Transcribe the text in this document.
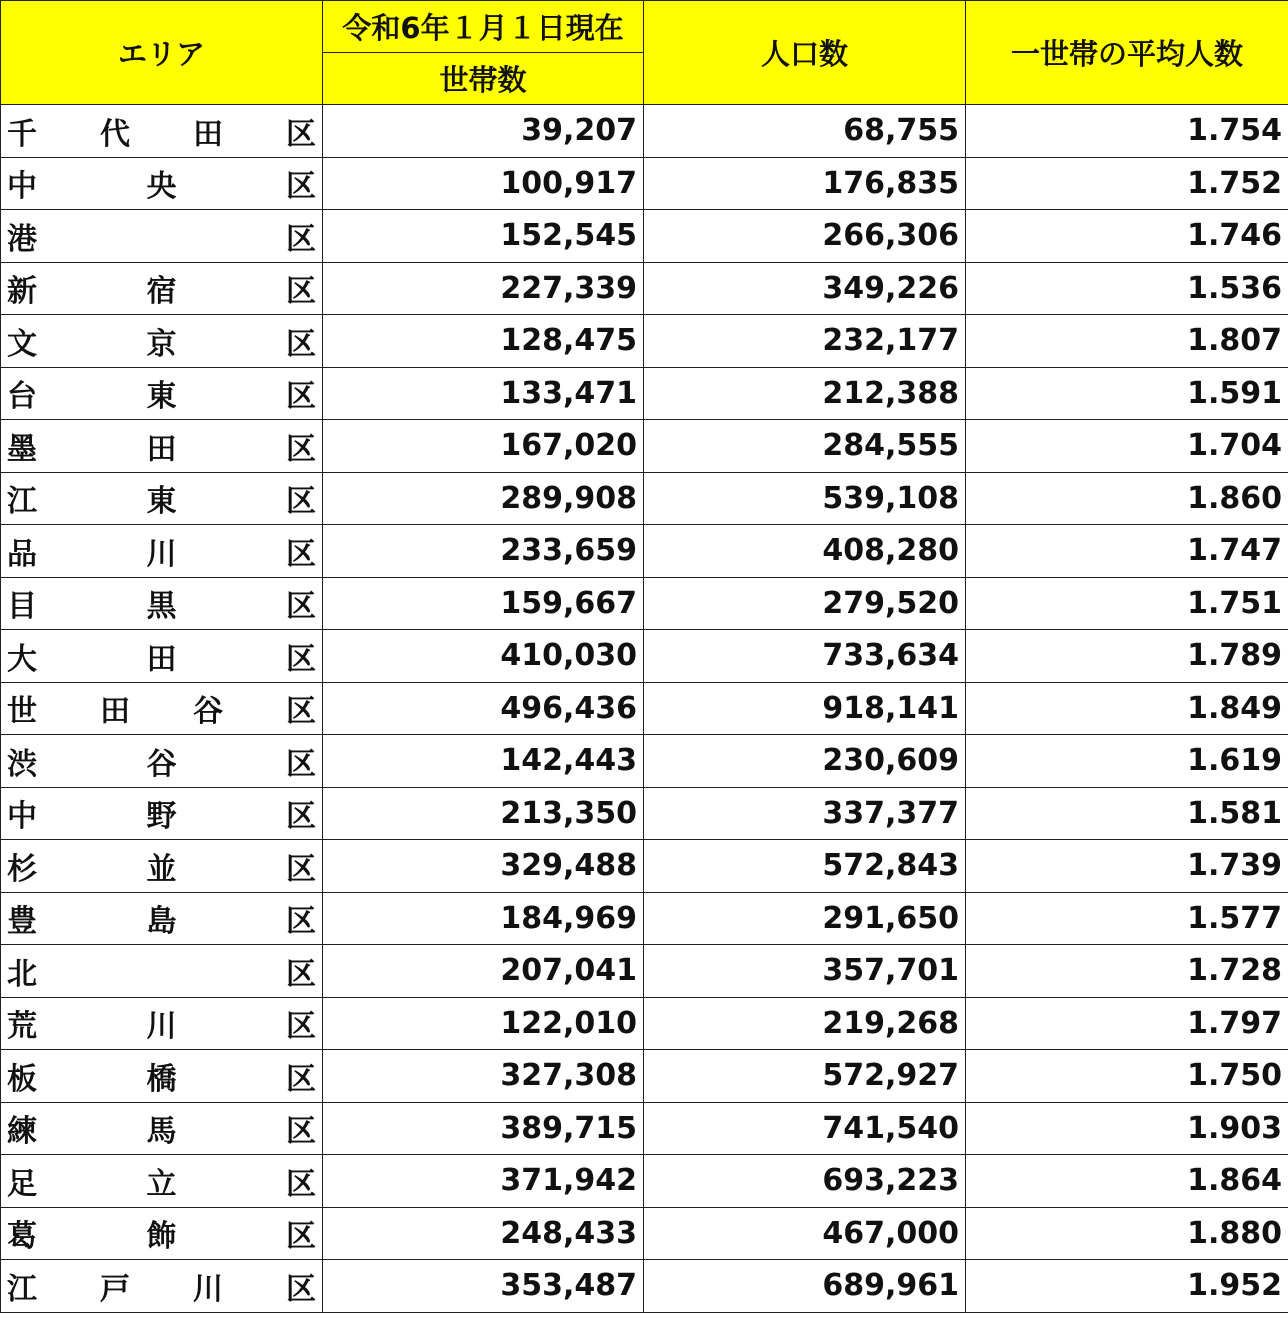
エリア	令和6年１月１日現在	人口数	一世帯の平均人数
	世帯数		

千 代 田 区	39,207	68,755	1.754

中 央 区	100,917	176,835	1.752

港 区	152,545	266,306	1.746

新 宿 区	227,339	349,226	1.536

文 京 区	128,475	232,177	1.807

台 東 区	133,471	212,388	1.591

墨 田 区	167,020	284,555	1.704

江 東 区	289,908	539,108	1.860

品 川 区	233,659	408,280	1.747

目 黒 区	159,667	279,520	1.751

大 田 区	410,030	733,634	1.789

世 田 谷 区	496,436	918,141	1.849

渋 谷 区	142,443	230,609	1.619

中 野 区	213,350	337,377	1.581

杉 並 区	329,488	572,843	1.739

豊 島 区	184,969	291,650	1.577

北 区	207,041	357,701	1.728

荒 川 区	122,010	219,268	1.797

板 橋 区	327,308	572,927	1.750

練 馬 区	389,715	741,540	1.903

足 立 区	371,942	693,223	1.864

葛 飾 区	248,433	467,000	1.880

江 戸 川 区	353,487	689,961	1.952
